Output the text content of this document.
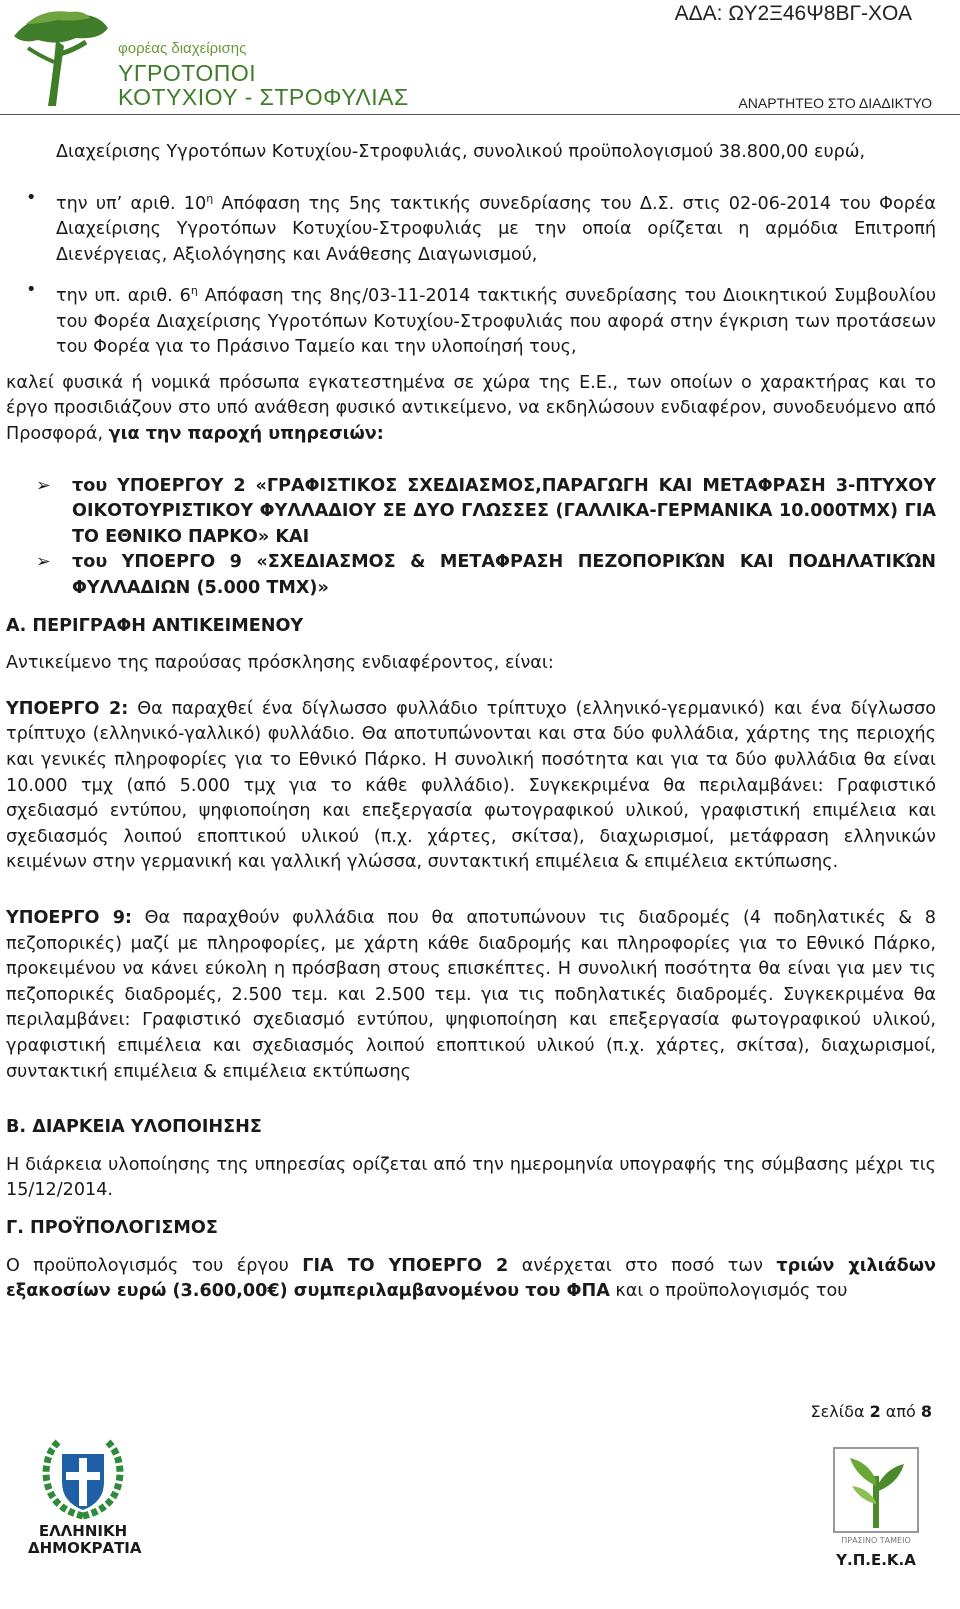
φορέας διαχείρισης
ΥΓΡΟΤΟΠΟΙ
ΚΟΤΥΧΙΟΥ - ΣΤΡΟΦΥΛΙΑΣ
ΑΔΑ: ΩΥ2Ξ46Ψ8ΒΓ-ΧΟΑ
ΑΝΑΡΤΗΤΕΟ ΣΤΟ ΔΙΑΔΙΚΤΥΟ

Διαχείρισης Υγροτόπων Κοτυχίου-Στροφυλιάς, συνολικού προϋπολογισμού 38.800,00 ευρώ,

• την υπ’ αριθ. $10^\eta$ Απόφαση της 5ης τακτικής συνεδρίασης του Δ.Σ. στις 02-06-2014 του Φορέα Διαχείρισης Υγροτόπων Κοτυχίου-Στροφυλιάς με την οποία ορίζεται η αρμόδια Επιτροπή Διενέργειας, Αξιολόγησης και Ανάθεσης Διαγωνισμού,

• την υπ. αριθ. $6^\eta$ Απόφαση της 8ης/03-11-2014 τακτικής συνεδρίασης του Διοικητικού Συμβουλίου του Φορέα Διαχείρισης Υγροτόπων Κοτυχίου-Στροφυλιάς που αφορά στην έγκριση των προτάσεων του Φορέα για το Πράσινο Ταμείο και την υλοποίησή τους,

καλεί φυσικά ή νομικά πρόσωπα εγκατεστημένα σε χώρα της Ε.Ε., των οποίων ο χαρακτήρας και το έργο προσιδιάζουν στο υπό ανάθεση φυσικό αντικείμενο, να εκδηλώσουν ενδιαφέρον, συνοδευόμενο από Προσφορά, για την παροχή υπηρεσιών:

➢ του ΥΠΟΕΡΓΟΥ 2 «ΓΡΑΦΙΣΤΙΚΟΣ ΣΧΕΔΙΑΣΜΟΣ,ΠΑΡΑΓΩΓΗ ΚΑΙ ΜΕΤΑΦΡΑΣΗ 3-ΠΤΥΧΟΥ ΟΙΚΟΤΟΥΡΙΣΤΙΚΟΥ ΦΥΛΛΑΔΙΟΥ ΣΕ ΔΥΟ ΓΛΩΣΣΕΣ (ΓΑΛΛΙΚΑ-ΓΕΡΜΑΝΙΚΑ 10.000ΤΜΧ) ΓΙΑ ΤΟ ΕΘΝΙΚΟ ΠΑΡΚΟ» ΚΑΙ

➢ του ΥΠΟΕΡΓΟ 9 «ΣΧΕΔΙΑΣΜΟΣ & ΜΕΤΑΦΡΑΣΗ ΠΕΖΟΠΟΡΙΚΏΝ ΚΑΙ ΠΟΔΗΛΑΤΙΚΏΝ ΦΥΛΛΑΔΙΩΝ (5.000 ΤΜΧ)»

Α. ΠΕΡΙΓΡΑΦΗ ΑΝΤΙΚΕΙΜΕΝΟΥ

Αντικείμενο της παρούσας πρόσκλησης ενδιαφέροντος, είναι:

ΥΠΟΕΡΓΟ 2: Θα παραχθεί ένα δίγλωσσο φυλλάδιο τρίπτυχο (ελληνικό-γερμανικό) και ένα δίγλωσσο τρίπτυχο (ελληνικό-γαλλικό) φυλλάδιο. Θα αποτυπώνονται και στα δύο φυλλάδια, χάρτης της περιοχής και γενικές πληροφορίες για το Εθνικό Πάρκο. Η συνολική ποσότητα και για τα δύο φυλλάδια θα είναι 10.000 τμχ (από 5.000 τμχ για το κάθε φυλλάδιο). Συγκεκριμένα θα περιλαμβάνει: Γραφιστικό σχεδιασμό εντύπου, ψηφιοποίηση και επεξεργασία φωτογραφικού υλικού, γραφιστική επιμέλεια και σχεδιασμός λοιπού εποπτικού υλικού (π.χ. χάρτες, σκίτσα), διαχωρισμοί, μετάφραση ελληνικών κειμένων στην γερμανική και γαλλική γλώσσα, συντακτική επιμέλεια & επιμέλεια εκτύπωσης.

ΥΠΟΕΡΓΟ 9: Θα παραχθούν φυλλάδια που θα αποτυπώνουν τις διαδρομές (4 ποδηλατικές & 8 πεζοπορικές) μαζί με πληροφορίες, με χάρτη κάθε διαδρομής και πληροφορίες για το Εθνικό Πάρκο, προκειμένου να κάνει εύκολη η πρόσβαση στους επισκέπτες. Η συνολική ποσότητα θα είναι για μεν τις πεζοπορικές διαδρομές, 2.500 τεμ. και 2.500 τεμ. για τις ποδηλατικές διαδρομές. Συγκεκριμένα θα περιλαμβάνει: Γραφιστικό σχεδιασμό εντύπου, ψηφιοποίηση και επεξεργασία φωτογραφικού υλικού, γραφιστική επιμέλεια και σχεδιασμός λοιπού εποπτικού υλικού (π.χ. χάρτες, σκίτσα), διαχωρισμοί, συντακτική επιμέλεια & επιμέλεια εκτύπωσης

Β. ΔΙΑΡΚΕΙΑ ΥΛΟΠΟΙΗΣΗΣ

Η διάρκεια υλοποίησης της υπηρεσίας ορίζεται από την ημερομηνία υπογραφής της σύμβασης μέχρι τις 15/12/2014.

Γ. ΠΡΟΫΠΟΛΟΓΙΣΜΟΣ

Ο προϋπολογισμός του έργου ΓΙΑ ΤΟ ΥΠΟΕΡΓΟ 2 ανέρχεται στο ποσό των τριών χιλιάδων εξακοσίων ευρώ (3.600,00€) συμπεριλαμβανομένου του ΦΠΑ και ο προϋπολογισμός του

Σελίδα 2 από 8
ΕΛΛΗΝΙΚΗ
ΔΗΜΟΚΡΑΤΙΑ	ΠΡΑΣΙΝΟ ΤΑΜΕΙΟ
Υ.Π.Ε.Κ.Α
